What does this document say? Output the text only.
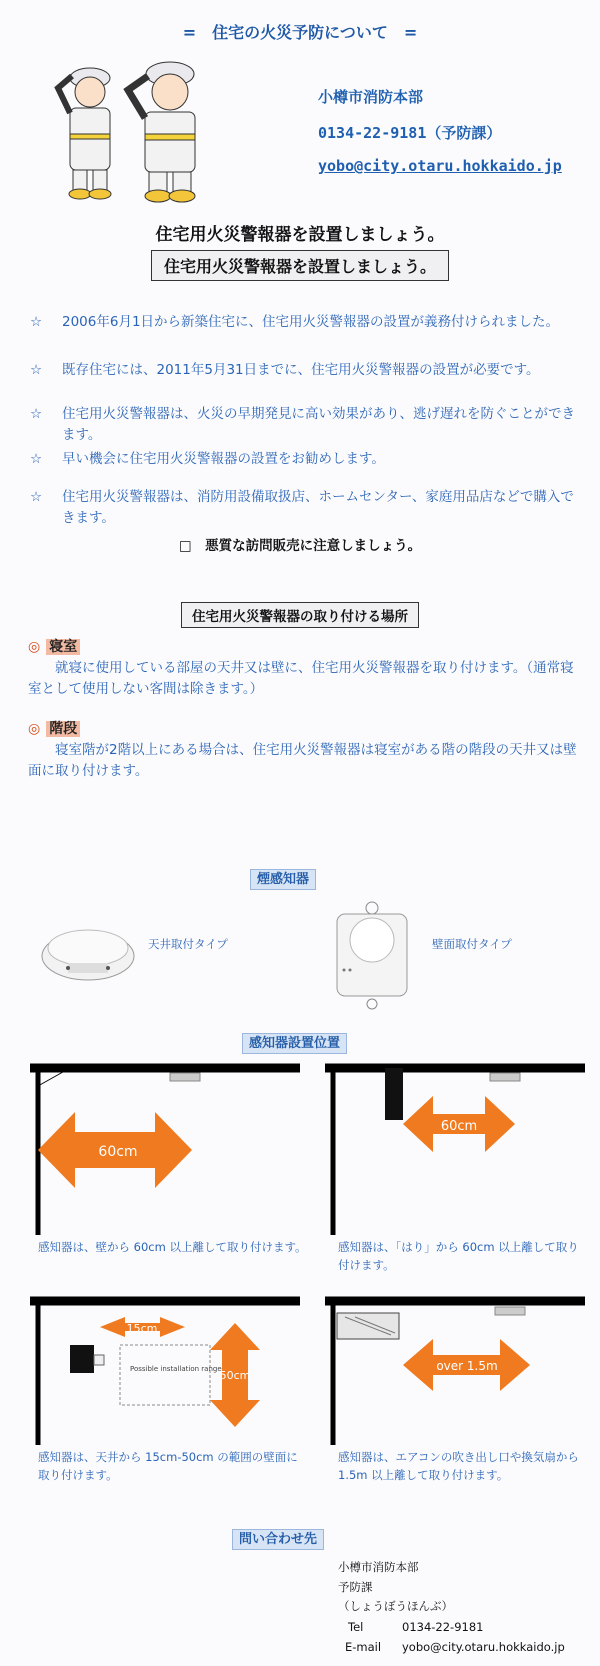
=　住宅の火災予防について　=
小樽市消防本部
0134-22-9181（予防課）
yobo@city.otaru.hokkaido.jp
住宅用火災警報器を設置しましょう。
住宅用火災警報器を設置しましょう。
☆	2006年6月1日から新築住宅に、住宅用火災警報器の設置が義務付けられました。
☆	既存住宅には、2011年5月31日までに、住宅用火災警報器の設置が必要です。
☆	住宅用火災警報器は、火災の早期発見に高い効果があり、逃げ遅れを防ぐことができます。
☆	早い機会に住宅用火災警報器の設置をお勧めします。
☆	住宅用火災警報器は、消防用設備取扱店、ホームセンター、家庭用品店などで購入できます。
□　悪質な訪問販売に注意しましょう。
住宅用火災警報器の取り付ける場所
◎ 寝室
就寝に使用している部屋の天井又は壁に、住宅用火災警報器を取り付けます。（通常寝室として使用しない客間は除きます。）
◎ 階段
寝室階が2階以上にある場合は、住宅用火災警報器は寝室がある階の階段の天井又は壁面に取り付けます。
煙感知器
天井取付タイプ	壁面取付タイプ
感知器設置位置
60cm
感知器は、壁から 60cm 以上離して取り付けます。
60cm
感知器は、「はり」から 60cm 以上離して取り付けます。
15cm
50cm
Possible installation range
感知器は、天井から 15cm-50cm の範囲の壁面に取り付けます。
over 1.5m
感知器は、エアコンの吹き出し口や換気扇から 1.5m 以上離して取り付けます。
問い合わせ先
小樽市消防本部
予防課
（しょうぼうほんぶ）
Tel	0134-22-9181
E-mail yobo@city.otaru.hokkaido.jp
